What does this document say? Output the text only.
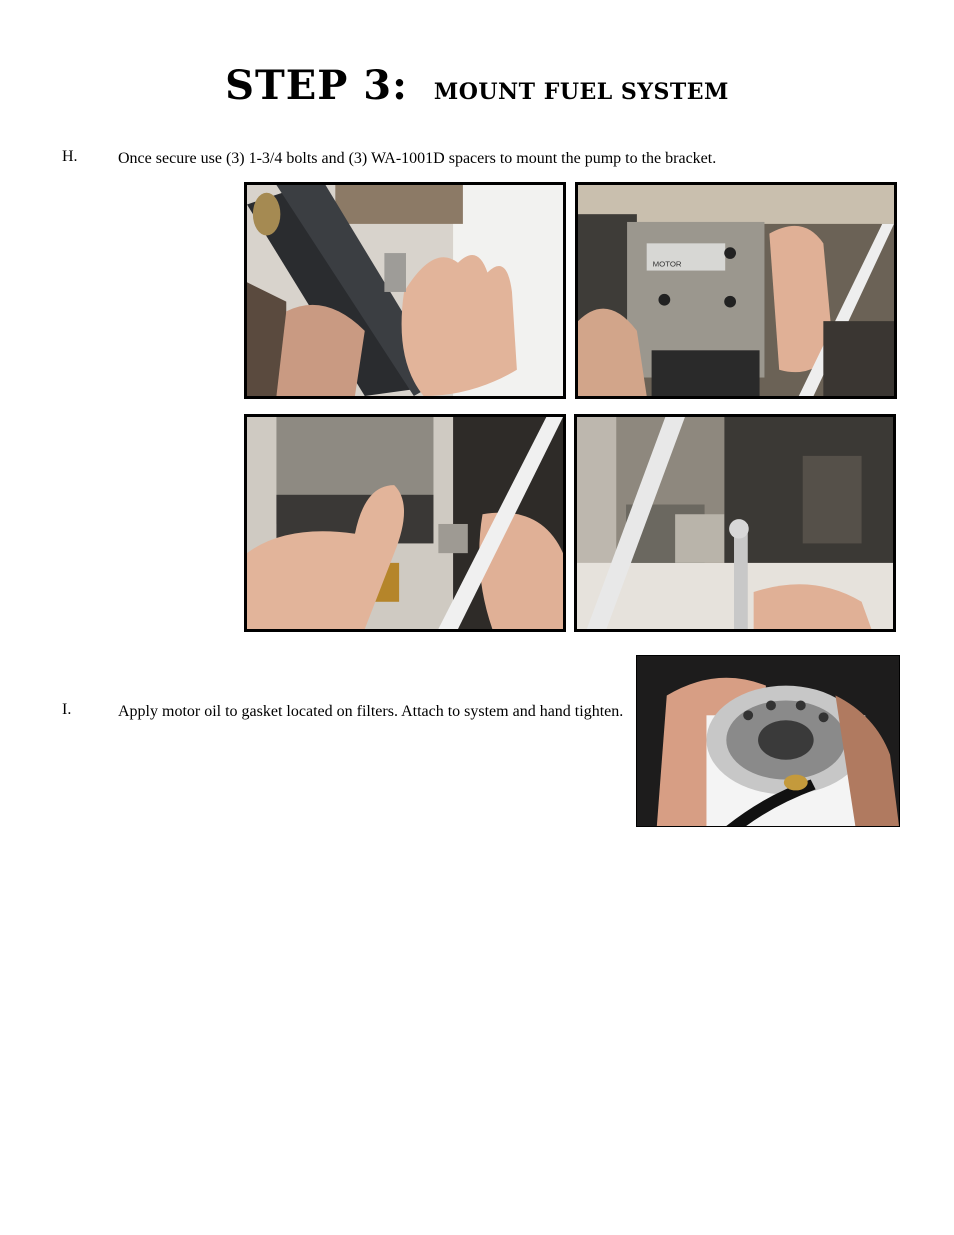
STEP 3: MOUNT FUEL SYSTEM
H.	Once secure use (3) 1-3/4 bolts and (3) WA-1001D spacers to mount the pump to the bracket.
MOTOR
I.	Apply motor oil to gasket located on filters. Attach to system and hand tighten.
